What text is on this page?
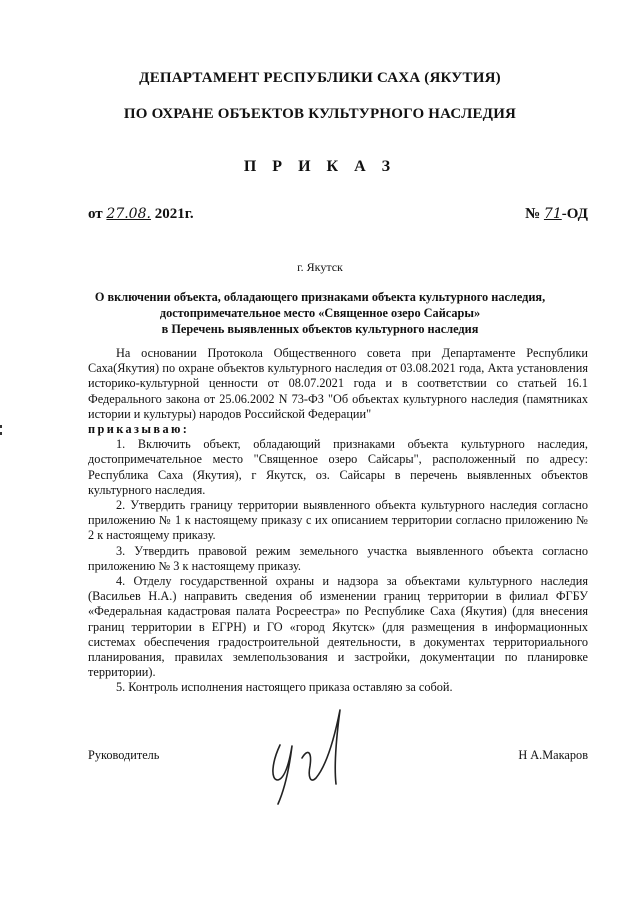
ДЕПАРТАМЕНТ РЕСПУБЛИКИ САХА (ЯКУТИЯ)
ПО ОХРАНЕ ОБЪЕКТОВ КУЛЬТУРНОГО НАСЛЕДИЯ
П Р И К А З
от 27.08. 2021г.	№ 71-ОД
г. Якутск
О включении объекта, обладающего признаками объекта культурного наследия,
достопримечательное место «Священное озеро Сайсары»
в Перечень выявленных объектов культурного наследия

На основании Протокола Общественного совета при Департаменте Республики Саха(Якутия) по охране объектов культурного наследия от 03.08.2021 года, Акта установления историко-культурной ценности от 08.07.2021 года и в соответствии со статьей 16.1 Федерального закона от 25.06.2002 N 73-ФЗ "Об объектах культурного наследия (памятниках истории и культуры) народов Российской Федерации"

приказываю:

1. Включить объект, обладающий признаками объекта культурного наследия, достопримечательное место "Священное озеро Сайсары", расположенный по адресу: Республика Саха (Якутия), г Якутск, оз. Сайсары в перечень выявленных объектов культурного наследия.

2. Утвердить границу территории выявленного объекта культурного наследия согласно приложению № 1 к настоящему приказу с их описанием территории согласно приложению № 2 к настоящему приказу.

3. Утвердить правовой режим земельного участка выявленного объекта согласно приложению № 3 к настоящему приказу.

4. Отделу государственной охраны и надзора за объектами культурного наследия (Васильев Н.А.) направить сведения об изменении границ территории в филиал ФГБУ «Федеральная кадастровая палата Росреестра» по Республике Саха (Якутия) (для внесения границ территории в ЕГРН) и ГО «город Якутск» (для размещения в информационных системах обеспечения градостроительной деятельности, в документах территориального планирования, правилах землепользования и застройки, документации по планировке территории).

5. Контроль исполнения настоящего приказа оставляю за собой.

Руководитель	Н А.Макаров
